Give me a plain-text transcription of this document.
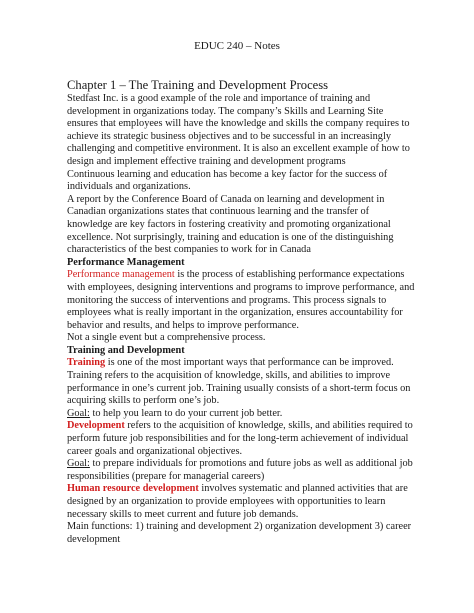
EDUC 240 – Notes

Chapter 1 – The Training and Development Process

Stedfast Inc. is a good example of the role and importance of training and development in organizations today. The company’s Skills and Learning Site ensures that employees will have the knowledge and skills the company requires to achieve its strategic business objectives and to be successful in an increasingly challenging and competitive environment. It is also an excellent example of how to design and implement effective training and development programs

Continuous learning and education has become a key factor for the success of individuals and organizations.

A report by the Conference Board of Canada on learning and development in Canadian organizations states that continuous learning and the transfer of knowledge are key factors in fostering creativity and promoting organizational excellence. Not surprisingly, training and education is one of the distinguishing characteristics of the best companies to work for in Canada

Performance Management

Performance management is the process of establishing performance expectations with employees, designing interventions and programs to improve performance, and monitoring the success of interventions and programs. This process signals to employees what is really important in the organization, ensures accountability for behavior and results, and helps to improve performance.

Not a single event but a comprehensive process.

Training and Development

Training is one of the most important ways that performance can be improved. Training refers to the acquisition of knowledge, skills, and abilities to improve performance in one’s current job. Training usually consists of a short-term focus on acquiring skills to perform one’s job.

Goal: to help you learn to do your current job better.

Development refers to the acquisition of knowledge, skills, and abilities required to perform future job responsibilities and for the long-term achievement of individual career goals and organizational objectives.

Goal: to prepare individuals for promotions and future jobs as well as additional job responsibilities (prepare for managerial careers)

Human resource development involves systematic and planned activities that are designed by an organization to provide employees with opportunities to learn necessary skills to meet current and future job demands.

Main functions: 1) training and development 2) organization development 3) career development
